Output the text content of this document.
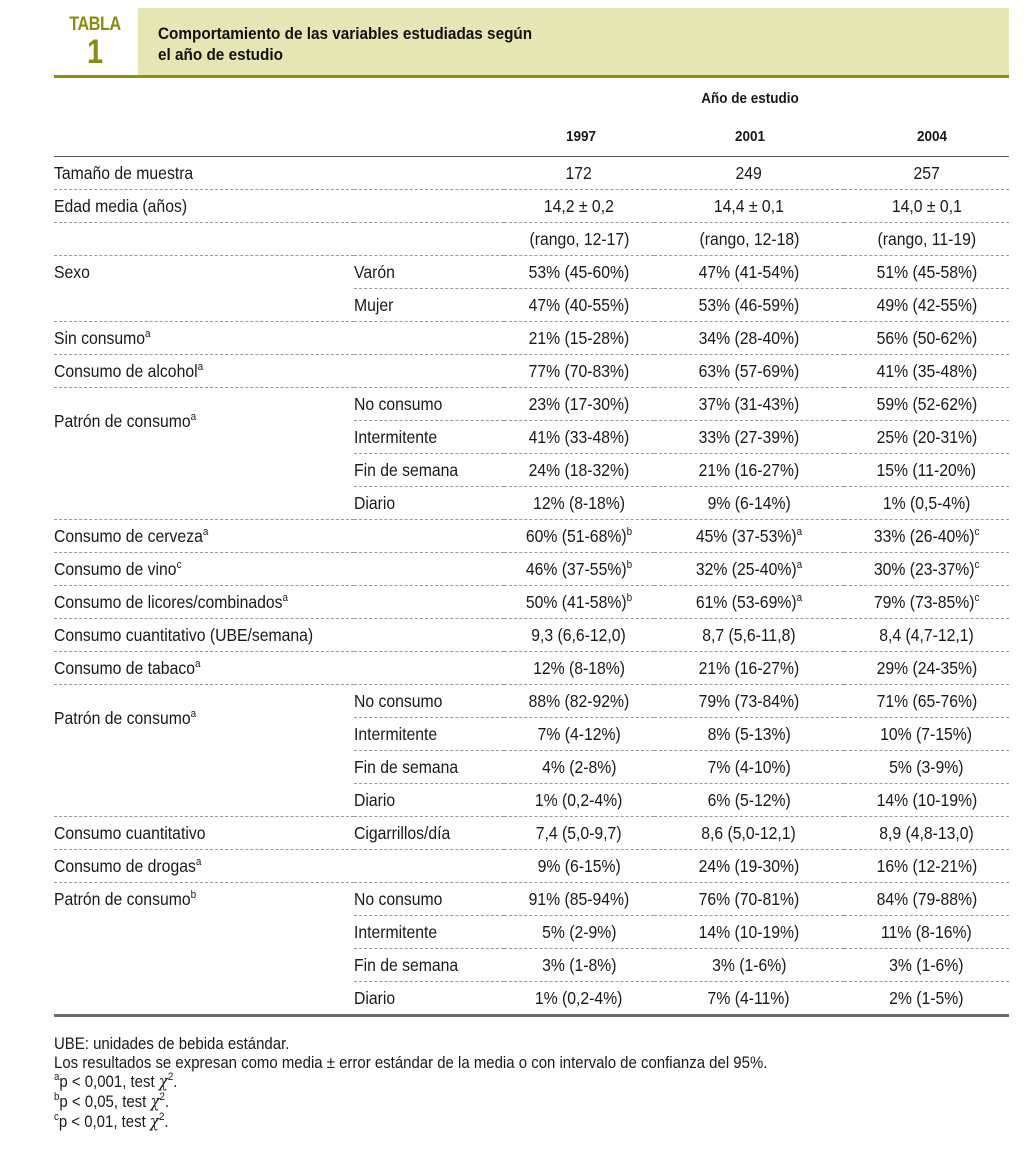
TABLA
1	Comportamiento de las variables estudiadas según
el año de estudio
Año de estudio
1997	2001	2004
Tamaño de muestra		172	249	257
Edad media (años)		14,2 ± 0,2	14,4 ± 0,1	14,0 ± 0,1
		(rango, 12-17)	(rango, 12-18)	(rango, 11-19)
Sexo	Varón	53% (45-60%)	47% (41-54%)	51% (45-58%)
	Mujer	47% (40-55%)	53% (46-59%)	49% (42-55%)
Sin consumo$^a$		21% (15-28%)	34% (28-40%)	56% (50-62%)
Consumo de alcohol$^a$		77% (70-83%)	63% (57-69%)	41% (35-48%)
	No consumo	23% (17-30%)	37% (31-43%)	59% (52-62%)
Patrón de consumo$^a$	Intermitente	41% (33-48%)	33% (27-39%)	25% (20-31%)
	Fin de semana	24% (18-32%)	21% (16-27%)	15% (11-20%)
	Diario	12% (8-18%)	9% (6-14%)	1% (0,5-4%)
Consumo de cerveza$^a$		60% $(51-68\%)^b$	45% $(37-53\%)^a$	33% $(26-40\%)^c$
Consumo de vino$^c$		46% $(37-55\%)^b$	32% $(25-40\%)^a$	30% $(23-37\%)^c$
Consumo de licores/combinados$^a$		50% $(41-58\%)^b$	61% $(53-69\%)^a$	79% $(73-85\%)^c$
Consumo cuantitativo (UBE/semana)		9,3 (6,6-12,0)	8,7 (5,6-11,8)	8,4 (4,7-12,1)
Consumo de tabaco$^a$		12% (8-18%)	21% (16-27%)	29% (24-35%)
	No consumo	88% (82-92%)	79% (73-84%)	71% (65-76%)
Patrón de consumo$^a$	Intermitente	7% (4-12%)	8% (5-13%)	10% (7-15%)
	Fin de semana	4% (2-8%)	7% (4-10%)	5% (3-9%)
	Diario	1% (0,2-4%)	6% (5-12%)	14% (10-19%)
Consumo cuantitativo	Cigarrillos/día	7,4 (5,0-9,7)	8,6 (5,0-12,1)	8,9 (4,8-13,0)
Consumo de drogas$^a$		9% (6-15%)	24% (19-30%)	16% (12-21%)
Patrón de consumo$^b$	No consumo	91% (85-94%)	76% (70-81%)	84% (79-88%)
	Intermitente	5% (2-9%)	14% (10-19%)	11% (8-16%)
	Fin de semana	3% (1-8%)	3% (1-6%)	3% (1-6%)
	Diario	1% (0,2-4%)	7% (4-11%)	2% (1-5%)
UBE: unidades de bebida estándar.
Los resultados se expresan como media ± error estándar de la media o con intervalo de confianza del 95%.
$^a$p < 0,001, test $\chi^2$.
$^b$p < 0,05, test $\chi^2$.
$^c$p < 0,01, test $\chi^2$.
